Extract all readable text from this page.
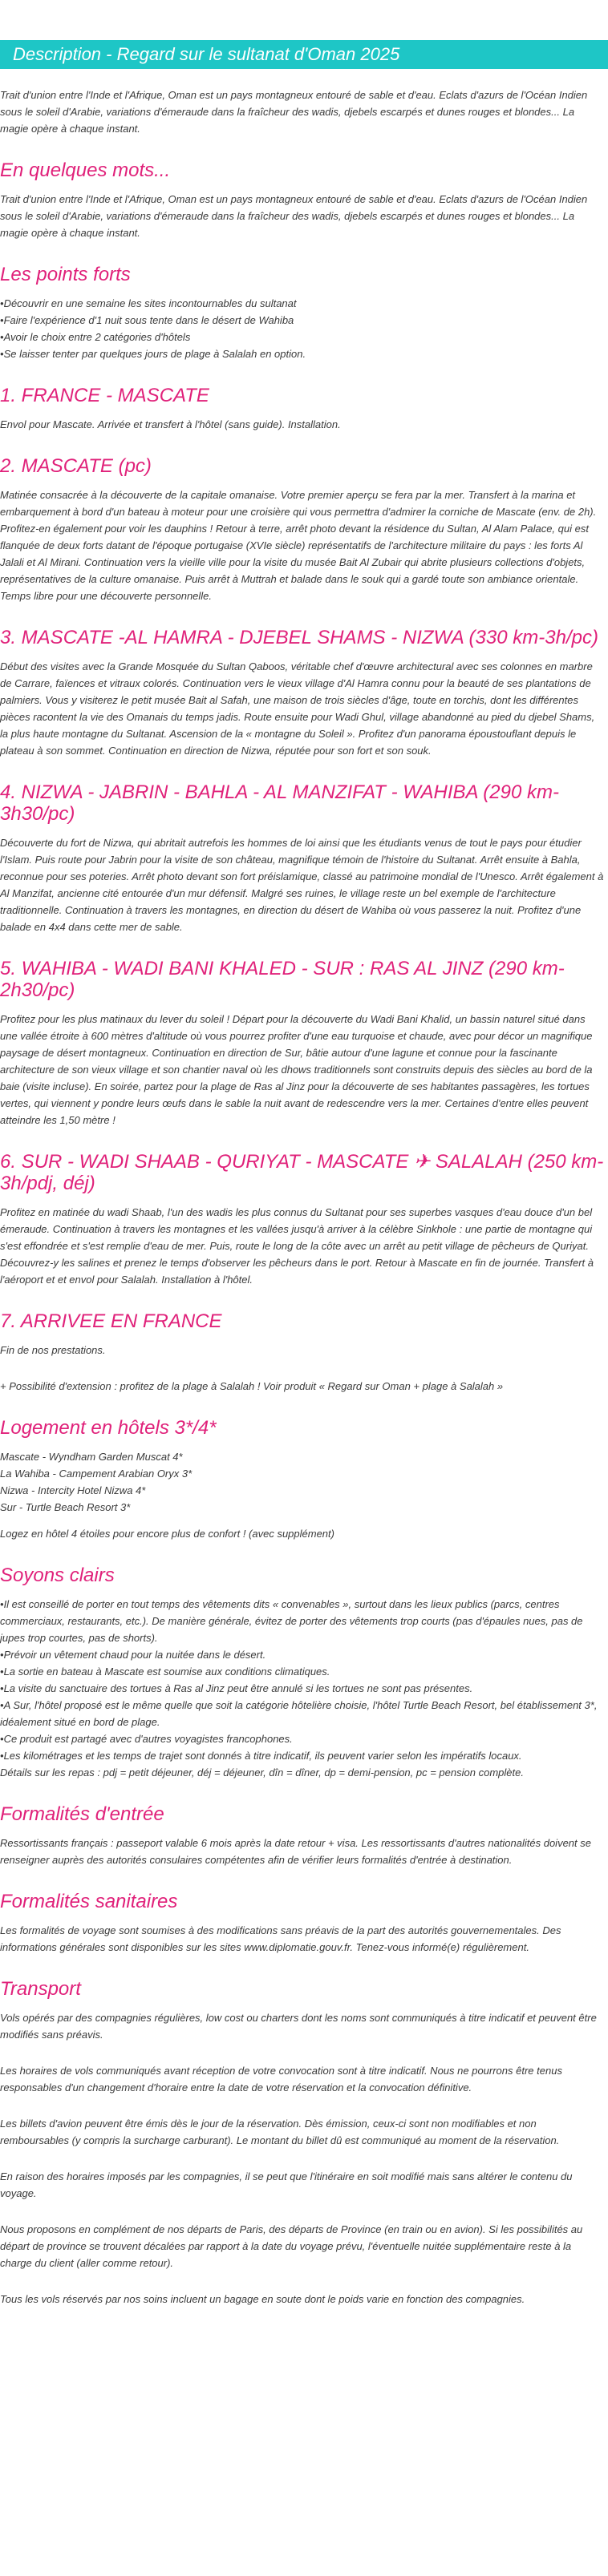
Description - Regard sur le sultanat d'Oman 2025

Trait d'union entre l'Inde et l'Afrique, Oman est un pays montagneux entouré de sable et d'eau. Eclats d'azurs de l'Océan Indien sous le soleil d'Arabie, variations d'émeraude dans la fraîcheur des wadis, djebels escarpés et dunes rouges et blondes... La magie opère à chaque instant.

En quelques mots...

Trait d'union entre l'Inde et l'Afrique, Oman est un pays montagneux entouré de sable et d'eau. Eclats d'azurs de l'Océan Indien sous le soleil d'Arabie, variations d'émeraude dans la fraîcheur des wadis, djebels escarpés et dunes rouges et blondes... La magie opère à chaque instant.

Les points forts
• Découvrir en une semaine les sites incontournables du sultanat
• Faire l'expérience d'1 nuit sous tente dans le désert de Wahiba
• Avoir le choix entre 2 catégories d'hôtels
• Se laisser tenter par quelques jours de plage à Salalah en option.
1. FRANCE - MASCATE

Envol pour Mascate. Arrivée et transfert à l'hôtel (sans guide). Installation.

2. MASCATE (pc)

Matinée consacrée à la découverte de la capitale omanaise. Votre premier aperçu se fera par la mer. Transfert à la marina et embarquement à bord d'un bateau à moteur pour une croisière qui vous permettra d'admirer la corniche de Mascate (env. de 2h). Profitez-en également pour voir les dauphins ! Retour à terre, arrêt photo devant la résidence du Sultan, Al Alam Palace, qui est flanquée de deux forts datant de l'époque portugaise (XVIe siècle) représentatifs de l'architecture militaire du pays : les forts Al Jalali et Al Mirani. Continuation vers la vieille ville pour la visite du musée Bait Al Zubair qui abrite plusieurs collections d'objets, représentatives de la culture omanaise. Puis arrêt à Muttrah et balade dans le souk qui a gardé toute son ambiance orientale. Temps libre pour une découverte personnelle.

3. MASCATE -AL HAMRA - DJEBEL SHAMS - NIZWA (330 km-3h/pc)

Début des visites avec la Grande Mosquée du Sultan Qaboos, véritable chef d'œuvre architectural avec ses colonnes en marbre de Carrare, faïences et vitraux colorés. Continuation vers le vieux village d'Al Hamra connu pour la beauté de ses plantations de palmiers. Vous y visiterez le petit musée Bait al Safah, une maison de trois siècles d'âge, toute en torchis, dont les différentes pièces racontent la vie des Omanais du temps jadis. Route ensuite pour Wadi Ghul, village abandonné au pied du djebel Shams, la plus haute montagne du Sultanat. Ascension de la « montagne du Soleil ». Profitez d'un panorama époustouflant depuis le plateau à son sommet. Continuation en direction de Nizwa, réputée pour son fort et son souk.

4. NIZWA - JABRIN - BAHLA - AL MANZIFAT - WAHIBA (290 km-3h30/pc)

Découverte du fort de Nizwa, qui abritait autrefois les hommes de loi ainsi que les étudiants venus de tout le pays pour étudier l'Islam. Puis route pour Jabrin pour la visite de son château, magnifique témoin de l'histoire du Sultanat. Arrêt ensuite à Bahla, reconnue pour ses poteries. Arrêt photo devant son fort préislamique, classé au patrimoine mondial de l'Unesco. Arrêt également à Al Manzifat, ancienne cité entourée d'un mur défensif. Malgré ses ruines, le village reste un bel exemple de l'architecture traditionnelle. Continuation à travers les montagnes, en direction du désert de Wahiba où vous passerez la nuit. Profitez d'une balade en 4x4 dans cette mer de sable.

5. WAHIBA - WADI BANI KHALED - SUR : RAS AL JINZ (290 km-2h30/pc)

Profitez pour les plus matinaux du lever du soleil ! Départ pour la découverte du Wadi Bani Khalid, un bassin naturel situé dans une vallée étroite à 600 mètres d'altitude où vous pourrez profiter d'une eau turquoise et chaude, avec pour décor un magnifique paysage de désert montagneux. Continuation en direction de Sur, bâtie autour d'une lagune et connue pour la fascinante architecture de son vieux village et son chantier naval où les dhows traditionnels sont construits depuis des siècles au bord de la baie (visite incluse). En soirée, partez pour la plage de Ras al Jinz pour la découverte de ses habitantes passagères, les tortues vertes, qui viennent y pondre leurs œufs dans le sable la nuit avant de redescendre vers la mer. Certaines d'entre elles peuvent atteindre les 1,50 mètre !

6. SUR - WADI SHAAB - QURIYAT - MASCATE ✈ SALALAH (250 km-3h/pdj, déj)

Profitez en matinée du wadi Shaab, l'un des wadis les plus connus du Sultanat pour ses superbes vasques d'eau douce d'un bel émeraude. Continuation à travers les montagnes et les vallées jusqu'à arriver à la célèbre Sinkhole : une partie de montagne qui s'est effondrée et s'est remplie d'eau de mer. Puis, route le long de la côte avec un arrêt au petit village de pêcheurs de Quriyat. Découvrez-y les salines et prenez le temps d'observer les pêcheurs dans le port. Retour à Mascate en fin de journée. Transfert à l'aéroport et et envol pour Salalah. Installation à l'hôtel.

7. ARRIVEE EN FRANCE

Fin de nos prestations.

+ Possibilité d'extension : profitez de la plage à Salalah ! Voir produit « Regard sur Oman + plage à Salalah »

Logement en hôtels 3*/4*

Mascate - Wyndham Garden Muscat 4*

La Wahiba - Campement Arabian Oryx 3*

Nizwa - Intercity Hotel Nizwa 4*

Sur - Turtle Beach Resort 3*

Logez en hôtel 4 étoiles pour encore plus de confort ! (avec supplément)

Soyons clairs
• Il est conseillé de porter en tout temps des vêtements dits « convenables », surtout dans les lieux publics (parcs, centres commerciaux, restaurants, etc.). De manière générale, évitez de porter des vêtements trop courts (pas d'épaules nues, pas de jupes trop courtes, pas de shorts).
• Prévoir un vêtement chaud pour la nuitée dans le désert.
• La sortie en bateau à Mascate est soumise aux conditions climatiques.
• La visite du sanctuaire des tortues à Ras al Jinz peut être annulé si les tortues ne sont pas présentes.
• A Sur, l'hôtel proposé est le même quelle que soit la catégorie hôtelière choisie, l'hôtel Turtle Beach Resort, bel établissement 3*, idéalement situé en bord de plage.
• Ce produit est partagé avec d'autres voyagistes francophones.
• Les kilométrages et les temps de trajet sont donnés à titre indicatif, ils peuvent varier selon les impératifs locaux.

Détails sur les repas : pdj = petit déjeuner, déj = déjeuner, dîn = dîner, dp = demi-pension, pc = pension complète.

Formalités d'entrée

Ressortissants français : passeport valable 6 mois après la date retour + visa. Les ressortissants d'autres nationalités doivent se renseigner auprès des autorités consulaires compétentes afin de vérifier leurs formalités d'entrée à destination.

Formalités sanitaires

Les formalités de voyage sont soumises à des modifications sans préavis de la part des autorités gouvernementales. Des informations générales sont disponibles sur les sites www.diplomatie.gouv.fr. Tenez-vous informé(e) régulièrement.

Transport

Vols opérés par des compagnies régulières, low cost ou charters dont les noms sont communiqués à titre indicatif et peuvent être modifiés sans préavis.

Les horaires de vols communiqués avant réception de votre convocation sont à titre indicatif. Nous ne pourrons être tenus responsables d'un changement d'horaire entre la date de votre réservation et la convocation définitive.

Les billets d'avion peuvent être émis dès le jour de la réservation. Dès émission, ceux-ci sont non modifiables et non remboursables (y compris la surcharge carburant). Le montant du billet dû est communiqué au moment de la réservation.

En raison des horaires imposés par les compagnies, il se peut que l'itinéraire en soit modifié mais sans altérer le contenu du voyage.

Nous proposons en complément de nos départs de Paris, des départs de Province (en train ou en avion). Si les possibilités au départ de province se trouvent décalées par rapport à la date du voyage prévu, l'éventuelle nuitée supplémentaire reste à la charge du client (aller comme retour).

Tous les vols réservés par nos soins incluent un bagage en soute dont le poids varie en fonction des compagnies.
